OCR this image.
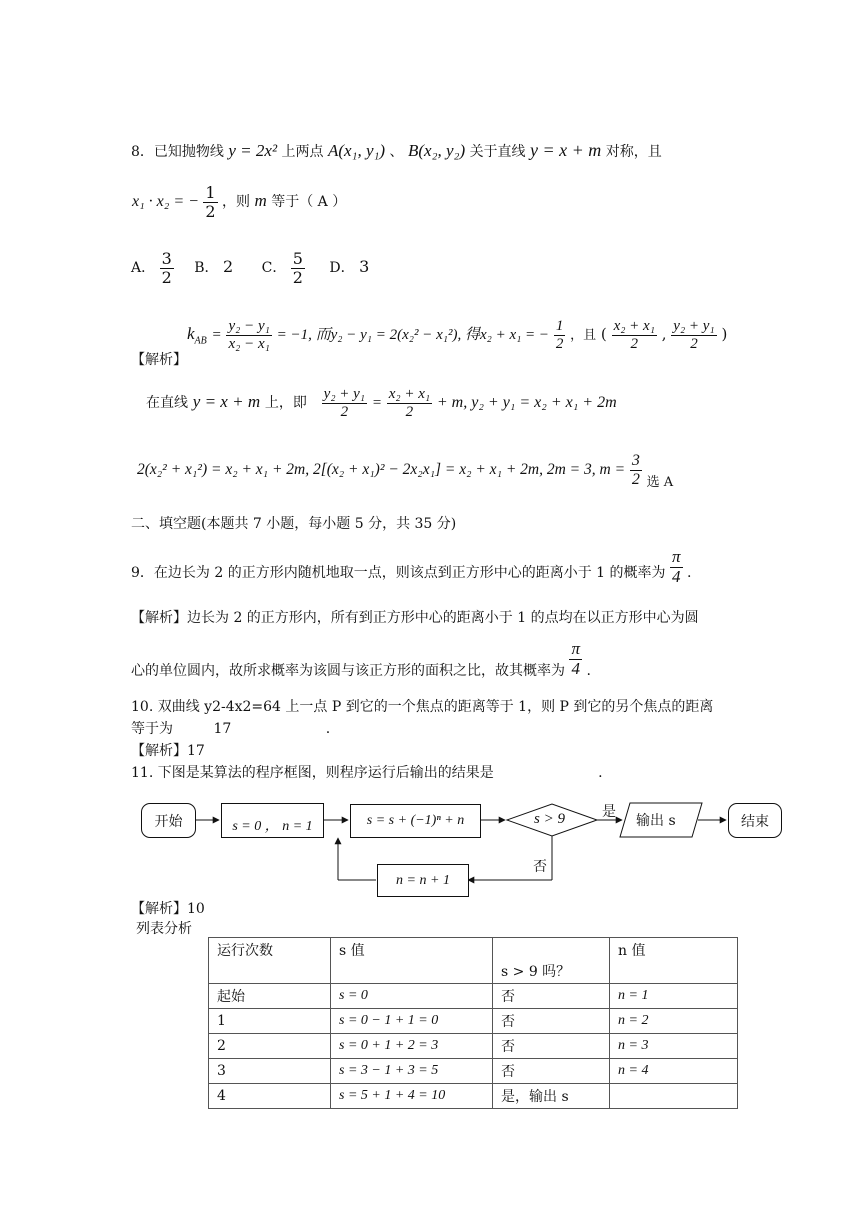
8．已知抛物线 y = 2x² 上两点 A(x₁, y₁) 、 B(x₂, y₂) 关于直线 y = x + m 对称，且
x₁ · x₂ = − $\frac{1}{2}$ ，则 m 等于（ A ）
A． $\frac{3}{2}$ B． 2 C． $\frac{5}{2}$ D． 3
【解析】
$k_{AB} = \frac{\text{y₂ − y₁}}{\text{x₂ − x₁}} = -1$, 而y₂ − y₁ = 2(x₂² − x₁²), 得x₂ + x₁ = − $\frac{1}{2}$ ，且 ( $\frac{\text{x₂ + x₁}}{2}$ , $\frac{\text{y₂ + y₁}}{2}$ )
在直线 y = x + m 上，即 $\frac{\text{y₂ + y₁}}{2} = \frac{\text{x₂ + x₁}}{2} + m$, y₂ + y₁ = x₂ + x₁ + 2m
2(x₂² + x₁²) = x₂ + x₁ + 2m, 2[(x₂ + x₁)² − 2x₂x₁] = x₂ + x₁ + 2m, 2m = 3, $m = \frac{3}{2}$ 选 A
二、填空题(本题共 7 小题，每小题 5 分，共 35 分)
9．在边长为 2 的正方形内随机地取一点，则该点到正方形中心的距离小于 1 的概率为 $\frac{\pi}{4}$ .
【解析】边长为 2 的正方形内，所有到正方形中心的距离小于 1 的点均在以正方形中心为圆
心的单位圆内，故所求概率为该圆与该正方形的面积之比，故其概率为 $\frac{\pi}{4}$ .
10. 双曲线 y2-4x2=64 上一点 P 到它的一个焦点的距离等于 1，则 P 到它的另个焦点的距离
等于为	17	.
【解析】17
11. 下图是某算法的程序框图，则程序运行后输出的结果是	.
开始	s = 0 ， n = 1	s = s + (−1)ⁿ + n	s > 9	是
输出 s	结束
否
n = n + 1
【解析】10
列表分析
运行次数	s 值	s > 9 吗？	n 值
起始	s = 0	否	n = 1
1	s = 0 − 1 + 1 = 0	否	n = 2
2	s = 0 + 1 + 2 = 3	否	n = 3
3	s = 3 − 1 + 3 = 5	否	n = 4
4	s = 5 + 1 + 4 = 10	是，输出 s	
